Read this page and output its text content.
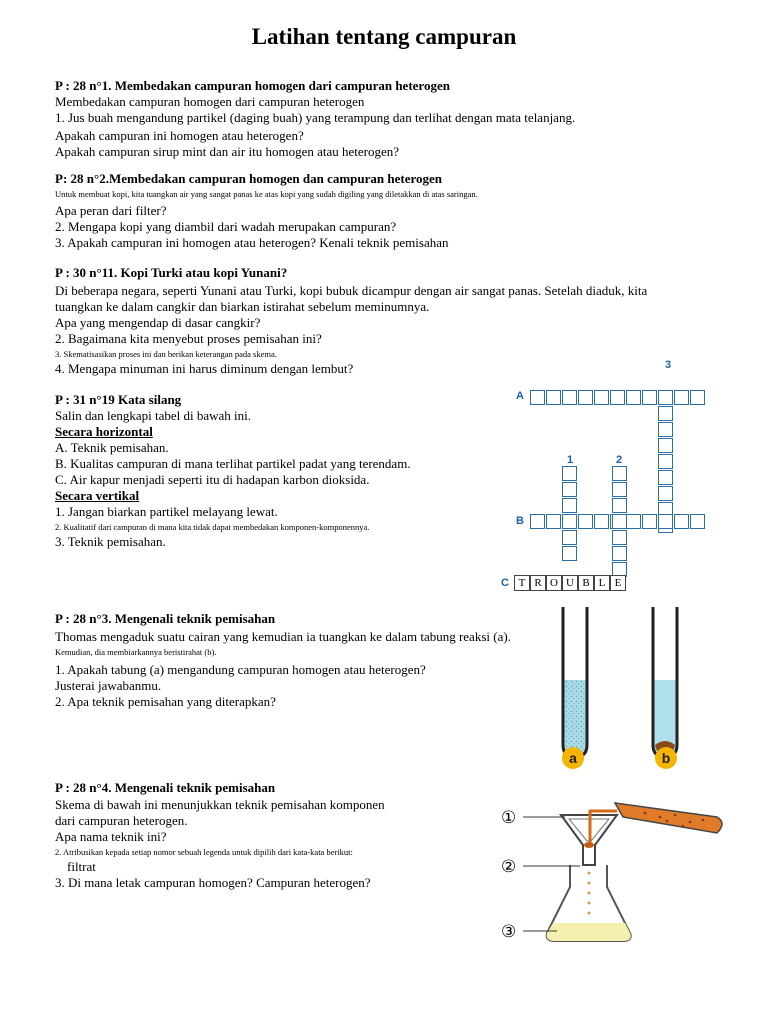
Latihan tentang campuran

P : 28 n°1. Membedakan campuran homogen dari campuran heterogen

Membedakan campuran homogen dari campuran heterogen

1. Jus buah mengandung partikel (daging buah) yang terampung dan terlihat dengan mata telanjang.

Apakah campuran ini homogen atau heterogen?

Apakah campuran sirup mint dan air itu homogen atau heterogen?

P: 28 n°2.Membedakan campuran homogen dan campuran heterogen

Untuk membuat kopi, kita tuangkan air yang sangat panas ke atas kopi yang sudah digiling yang diletakkan di atas saringan.

Apa peran dari filter?

2. Mengapa kopi yang diambil dari wadah merupakan campuran?

3. Apakah campuran ini homogen atau heterogen? Kenali teknik pemisahan

P : 30 n°11. Kopi Turki atau kopi Yunani?

Di beberapa negara, seperti Yunani atau Turki, kopi bubuk dicampur dengan air sangat panas. Setelah diaduk, kita

tuangkan ke dalam cangkir dan biarkan istirahat sebelum meminumnya.

Apa yang mengendap di dasar cangkir?

2. Bagaimana kita menyebut proses pemisahan ini?

3. Skematisasikan proses ini dan berikan keterangan pada skema.

4. Mengapa minuman ini harus diminum dengan lembut?

P : 31 n°19 Kata silang

Salin dan lengkapi tabel di bawah ini.

Secara horizontal

A. Teknik pemisahan.

B. Kualitas campuran di mana terlihat partikel padat yang terendam.

C. Air kapur menjadi seperti itu di hadapan karbon dioksida.

Secara vertikal

1. Jangan biarkan partikel melayang lewat.

2. Kualitatif dari campuran di mana kita tidak dapat membedakan komponen-komponennya.

3. Teknik pemisahan.

T R O U B L E
A
B
C
1	2
3

P : 28 n°3. Mengenali teknik pemisahan

Thomas mengaduk suatu cairan yang kemudian ia tuangkan ke dalam tabung reaksi (a).

Kemudian, dia membiarkannya beristirahat (b).

1. Apakah tabung (a) mengandung campuran homogen atau heterogen?

Justerai jawabanmu.

2. Apa teknik pemisahan yang diterapkan?

a	b

P : 28 n°4. Mengenali teknik pemisahan

Skema di bawah ini menunjukkan teknik pemisahan komponen

dari campuran heterogen.

Apa nama teknik ini?

2. Atribusikan kepada setiap nomor sebuah legenda untuk dipilih dari kata-kata berikut:

filtrat

3. Di mana letak campuran homogen? Campuran heterogen?

①
②
③
